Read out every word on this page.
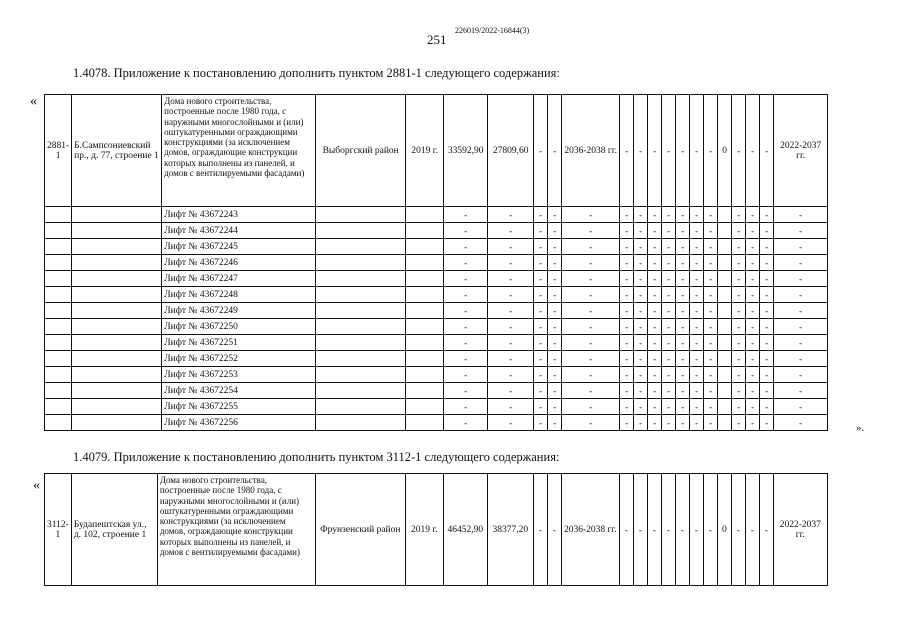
251
226019/2022-16844(3)
1.4078. Приложение к постановлению дополнить пунктом 2881-1 следующего содержания:
«
2881-1	Б.Сампсониевский пр., д. 77, строение 1	Дома нового строительства, построенные после 1980 года, с наружными многослойными и (или) оштукатуренными ограждающими конструкциями (за исключением домов, ограждающие конструкции которых выполнены из панелей, и домов с вентилируемыми фасадами)	Выборгский район	2019 г.	33592,90	27809,60	-	-	2036-2038 гг.	-	-	-	-	-	-	-	0	-	-	-	2022-2037 гг.
		Лифт № 43672243			-	-	-	-	-	-	-	-	-	-	-	-		-	-	-	-
		Лифт № 43672244			-	-	-	-	-	-	-	-	-	-	-	-		-	-	-	-
		Лифт № 43672245			-	-	-	-	-	-	-	-	-	-	-	-		-	-	-	-
		Лифт № 43672246			-	-	-	-	-	-	-	-	-	-	-	-		-	-	-	-
		Лифт № 43672247			-	-	-	-	-	-	-	-	-	-	-	-		-	-	-	-
		Лифт № 43672248			-	-	-	-	-	-	-	-	-	-	-	-		-	-	-	-
		Лифт № 43672249			-	-	-	-	-	-	-	-	-	-	-	-		-	-	-	-
		Лифт № 43672250			-	-	-	-	-	-	-	-	-	-	-	-		-	-	-	-
		Лифт № 43672251			-	-	-	-	-	-	-	-	-	-	-	-		-	-	-	-
		Лифт № 43672252			-	-	-	-	-	-	-	-	-	-	-	-		-	-	-	-
		Лифт № 43672253			-	-	-	-	-	-	-	-	-	-	-	-		-	-	-	-
		Лифт № 43672254			-	-	-	-	-	-	-	-	-	-	-	-		-	-	-	-
		Лифт № 43672255			-	-	-	-	-	-	-	-	-	-	-	-		-	-	-	-
		Лифт № 43672256			-	-	-	-	-	-	-	-	-	-	-	-		-	-	-	-	».
1.4079. Приложение к постановлению дополнить пунктом 3112-1 следующего содержания:
«
3112-1	Будапештская ул., д. 102, строение 1	Дома нового строительства, построенные после 1980 года, с наружными многослойными и (или) оштукатуренными ограждающими конструкциями (за исключением домов, ограждающие конструкции которых выполнены из панелей, и домов с вентилируемыми фасадами)	Фрунзенский район	2019 г.	46452,90	38377,20	-	-	2036-2038 гг.	-	-	-	-	-	-	-	0	-	-	-	2022-2037 гг.
